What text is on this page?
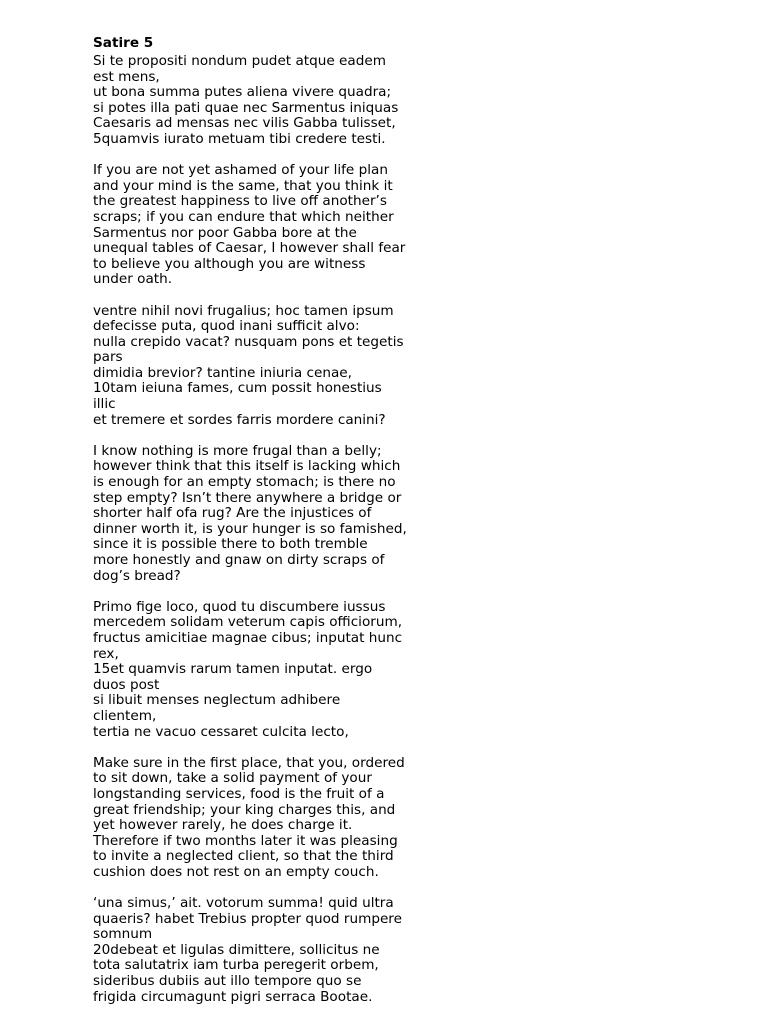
Satire 5
Si te propositi nondum pudet atque eadem
est mens,
ut bona summa putes aliena vivere quadra;
si potes illa pati quae nec Sarmentus iniquas
Caesaris ad mensas nec vilis Gabba tulisset,
5quamvis iurato metuam tibi credere testi.
If you are not yet ashamed of your life plan
and your mind is the same, that you think it
the greatest happiness to live off another’s
scraps; if you can endure that which neither
Sarmentus nor poor Gabba bore at the
unequal tables of Caesar, I however shall fear
to believe you although you are witness
under oath.
ventre nihil novi frugalius; hoc tamen ipsum
defecisse puta, quod inani sufficit alvo:
nulla crepido vacat? nusquam pons et tegetis
pars
dimidia brevior? tantine iniuria cenae,
10tam ieiuna fames, cum possit honestius
illic
et tremere et sordes farris mordere canini?
I know nothing is more frugal than a belly;
however think that this itself is lacking which
is enough for an empty stomach; is there no
step empty? Isn’t there anywhere a bridge or
shorter half ofa rug? Are the injustices of
dinner worth it, is your hunger is so famished,
since it is possible there to both tremble
more honestly and gnaw on dirty scraps of
dog’s bread?
Primo fige loco, quod tu discumbere iussus
mercedem solidam veterum capis officiorum,
fructus amicitiae magnae cibus; inputat hunc
rex,
15et quamvis rarum tamen inputat. ergo
duos post
si libuit menses neglectum adhibere
clientem,
tertia ne vacuo cessaret culcita lecto,
Make sure in the first place, that you, ordered
to sit down, take a solid payment of your
longstanding services, food is the fruit of a
great friendship; your king charges this, and
yet however rarely, he does charge it.
Therefore if two months later it was pleasing
to invite a neglected client, so that the third
cushion does not rest on an empty couch.
‘una simus,’ ait. votorum summa! quid ultra
quaeris? habet Trebius propter quod rumpere
somnum
20debeat et ligulas dimittere, sollicitus ne
tota salutatrix iam turba peregerit orbem,
sideribus dubiis aut illo tempore quo se
frigida circumagunt pigri serraca Bootae.
